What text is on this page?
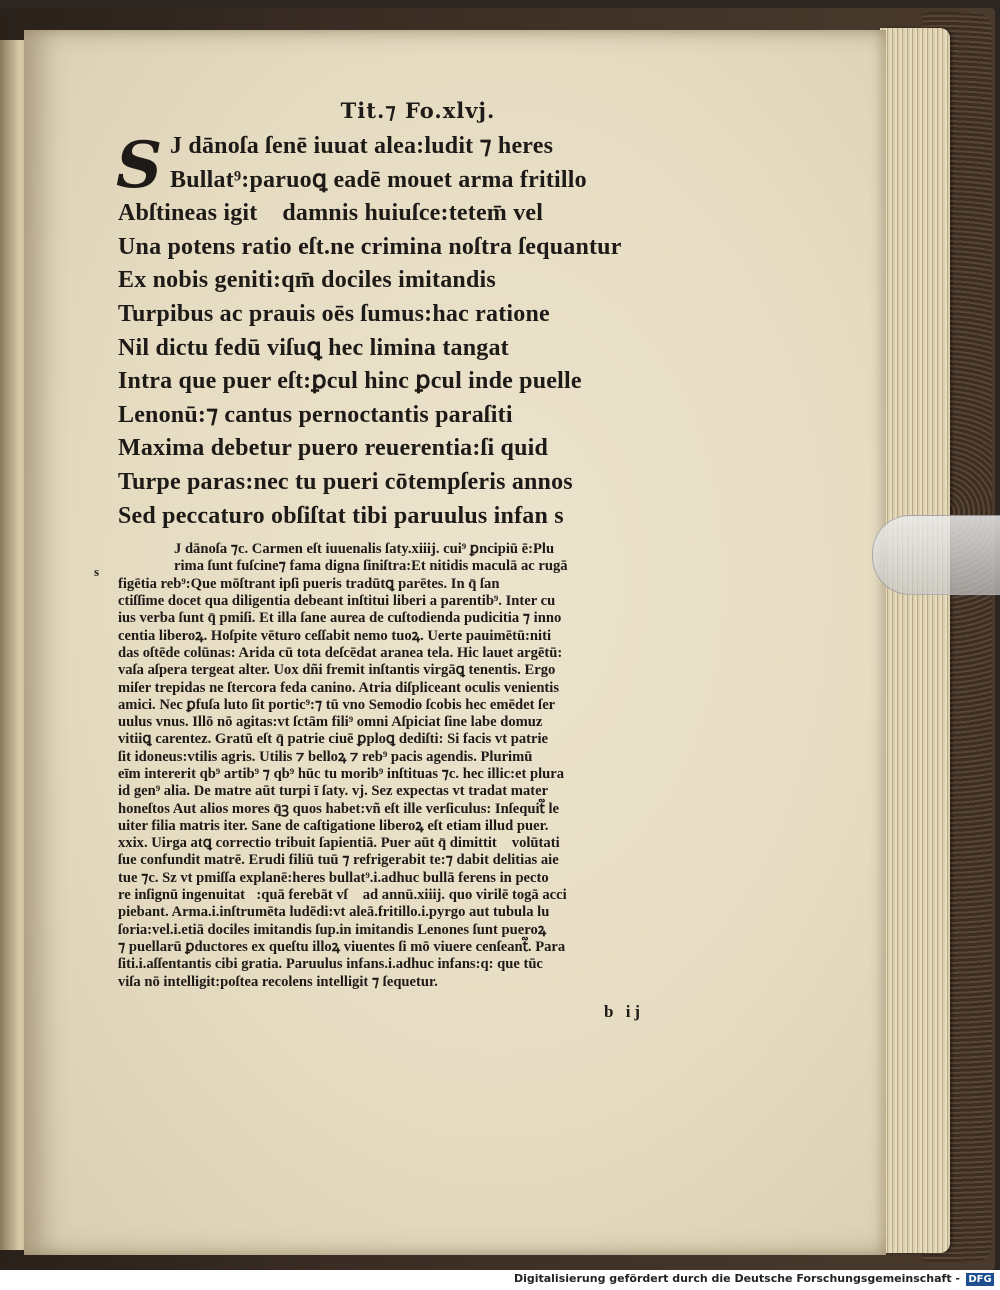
Tit.⁊ Fo.xlvj.
S J dānoſa ſenē iuuat alea:ludit ⁊ heres
Bullat⁹:paruoꝗ eadē mouet arma fritillo
Abſtineas igit᷑ damnis huiuſce:tetem̄ vel
Una potens ratio eſt.ne crimina noſtra ſequantur
Ex nobis geniti:qm̄ dociles imitandis
Turpibus ac prauis oēs ſumus:hac ratione
Nil dictu fedū viſuꝗ hec limina tangat
Intra que puer eſt:ꝑcul hinc ꝑcul inde puelle
Lenonū:⁊ cantus pernoctantis paraſiti
Maxima debetur puero reuerentia:ſi quid
Turpe paras:nec tu pueri cōtempſeris annos
Sed peccaturo obſiſtat tibi paruulus infan s
s
J dānoſa ⁊c. Carmen eſt iuuenalis ſaty.xiiij. cui⁹ ꝑncipiū ē:Plu
rima ſunt fuſcine⁊ fama digna ſiniſtra:Et nitidis maculā ac rugā
figētia reb⁹:Que mōſtrant ipſi pueris tradūtꝗ parētes. In q̄ ſan
ctiſſime docet qua diligentia debeant inſtitui liberi a parentib⁹. Inter cu
ius verba ſunt q̄ pmiſi. Et illa ſane aurea de cuſtodienda pudicitia ⁊ inno
centia liberoꝝ. Hoſpite vēturo ceſſabit nemo tuoꝝ. Uerte pauimētū:niti
das oſtēde colūnas: Arida cū tota deſcēdat aranea tela. Hic lauet argētū:
vaſa aſpera tergeat alter. Uox dñi fremit inſtantis virgāꝗ tenentis. Ergo
miſer trepidas ne ſtercora feda canino. Atria diſpliceant oculis venientis
amici. Nec ꝑfuſa luto ſit portic⁹:⁊ tū vno Semodio ſcobis hec emēdet ſer
uulus vnus. Illō nō agitas:vt ſctām fili⁹ omni Aſpiciat ſine labe domuz
vitiiꝗ carentez. Gratū eſt q̄ patrie ciuē ꝑploꝗ dediſti: Si facis vt patrie
ſit idoneus:vtilis agris. Utilis ⁊ belloꝝ ⁊ reb⁹ pacis agendis. Plurimū
eīm intererit qb⁹ artib⁹ ⁊ qb⁹ hūc tu morib⁹ inſtituas ⁊c. hec illic:et plura
id gen⁹ alia. De matre aūt turpi ī ſaty. vj. Sez expectas vt tradat mater
honeſtos Aut alios mores q̄ꝫ quos habet:vñ eſt ille verſiculus: Inſequit᷑ le
uiter filia matris iter. Sane de caſtigatione liberoꝝ eſt etiam illud puer.
xxix. Uirga atꝗ correctio tribuit ſapientiā. Puer aūt q̄ dimittit᷑ volūtati
ſue confundit matrē. Erudi filiū tuū ⁊ refrigerabit te:⁊ dabit delitias aie
tue ⁊c. Sz vt pmiſſa explanē:heres bullat⁹.i.adhuc bullā ferens in pecto
re inſignū ingenuitat᷑:quā ferebāt vſꝗ ad annū.xiiij. quo virilē togā acci
piebant. Arma.i.inſtrumēta ludēdi:vt aleā.fritillo.i.pyrgo aut tubula lu
ſoria:vel.i.etiā dociles imitandis ſup.in imitandis Lenones ſunt pueroꝝ
⁊ puellarū ꝑductores ex queſtu illoꝝ viuentes ſi mō viuere cenſeant᷑. Para
ſiti.i.aſſentantis cibi gratia. Paruulus infans.i.adhuc infans:q: que tūc
viſa nō intelligit:poſtea recolens intelligit ⁊ ſequetur.
b ij
Digitalisierung gefördert durch die Deutsche Forschungsgemeinschaft - DFG
